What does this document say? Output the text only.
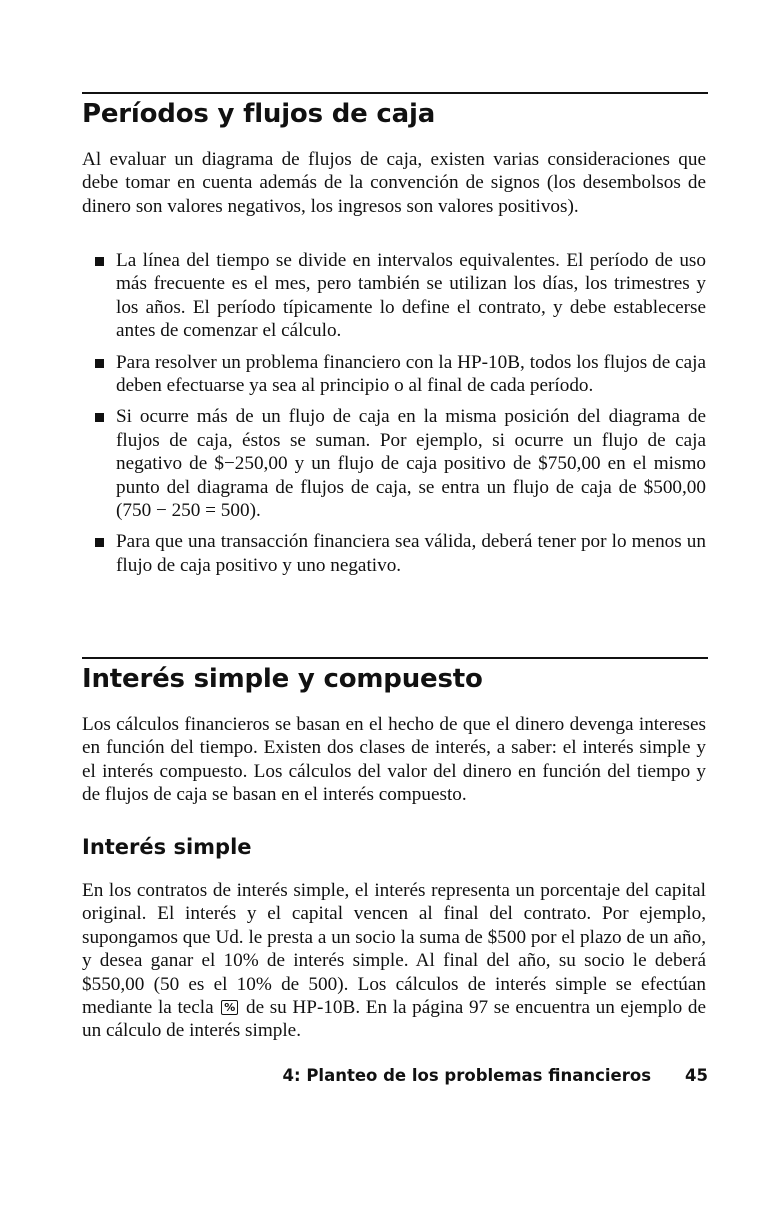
Períodos y flujos de caja

Al evaluar un diagrama de flujos de caja, existen varias consideraciones que debe tomar en cuenta además de la convención de signos (los desembolsos de dinero son valores negativos, los ingresos son valores positivos).

La línea del tiempo se divide en intervalos equivalentes. El período de uso más frecuente es el mes, pero también se utilizan los días, los trimestres y los años. El período típicamente lo define el contrato, y debe establecerse antes de comenzar el cálculo.
Para resolver un problema financiero con la HP-10B, todos los flujos de caja deben efectuarse ya sea al principio o al final de cada período.
Si ocurre más de un flujo de caja en la misma posición del diagrama de flujos de caja, éstos se suman. Por ejemplo, si ocurre un flujo de caja negativo de $−250,00 y un flujo de caja positivo de $750,00 en el mismo punto del diagrama de flujos de caja, se entra un flujo de caja de $500,00 (750 − 250 = 500).
Para que una transacción financiera sea válida, deberá tener por lo menos un flujo de caja positivo y uno negativo.
Interés simple y compuesto

Los cálculos financieros se basan en el hecho de que el dinero devenga intereses en función del tiempo. Existen dos clases de interés, a saber: el interés simple y el interés compuesto. Los cálculos del valor del dinero en función del tiempo y de flujos de caja se basan en el interés compuesto.

Interés simple

En los contratos de interés simple, el interés representa un porcentaje del capital original. El interés y el capital vencen al final del contrato. Por ejemplo, supongamos que Ud. le presta a un socio la suma de $500 por el plazo de un año, y desea ganar el 10% de interés simple. Al final del año, su socio le deberá $550,00 (50 es el 10% de 500). Los cálculos de interés simple se efectúan mediante la tecla % de su HP-10B. En la página 97 se encuentra un ejemplo de un cálculo de interés simple.

4: Planteo de los problemas financieros 45
